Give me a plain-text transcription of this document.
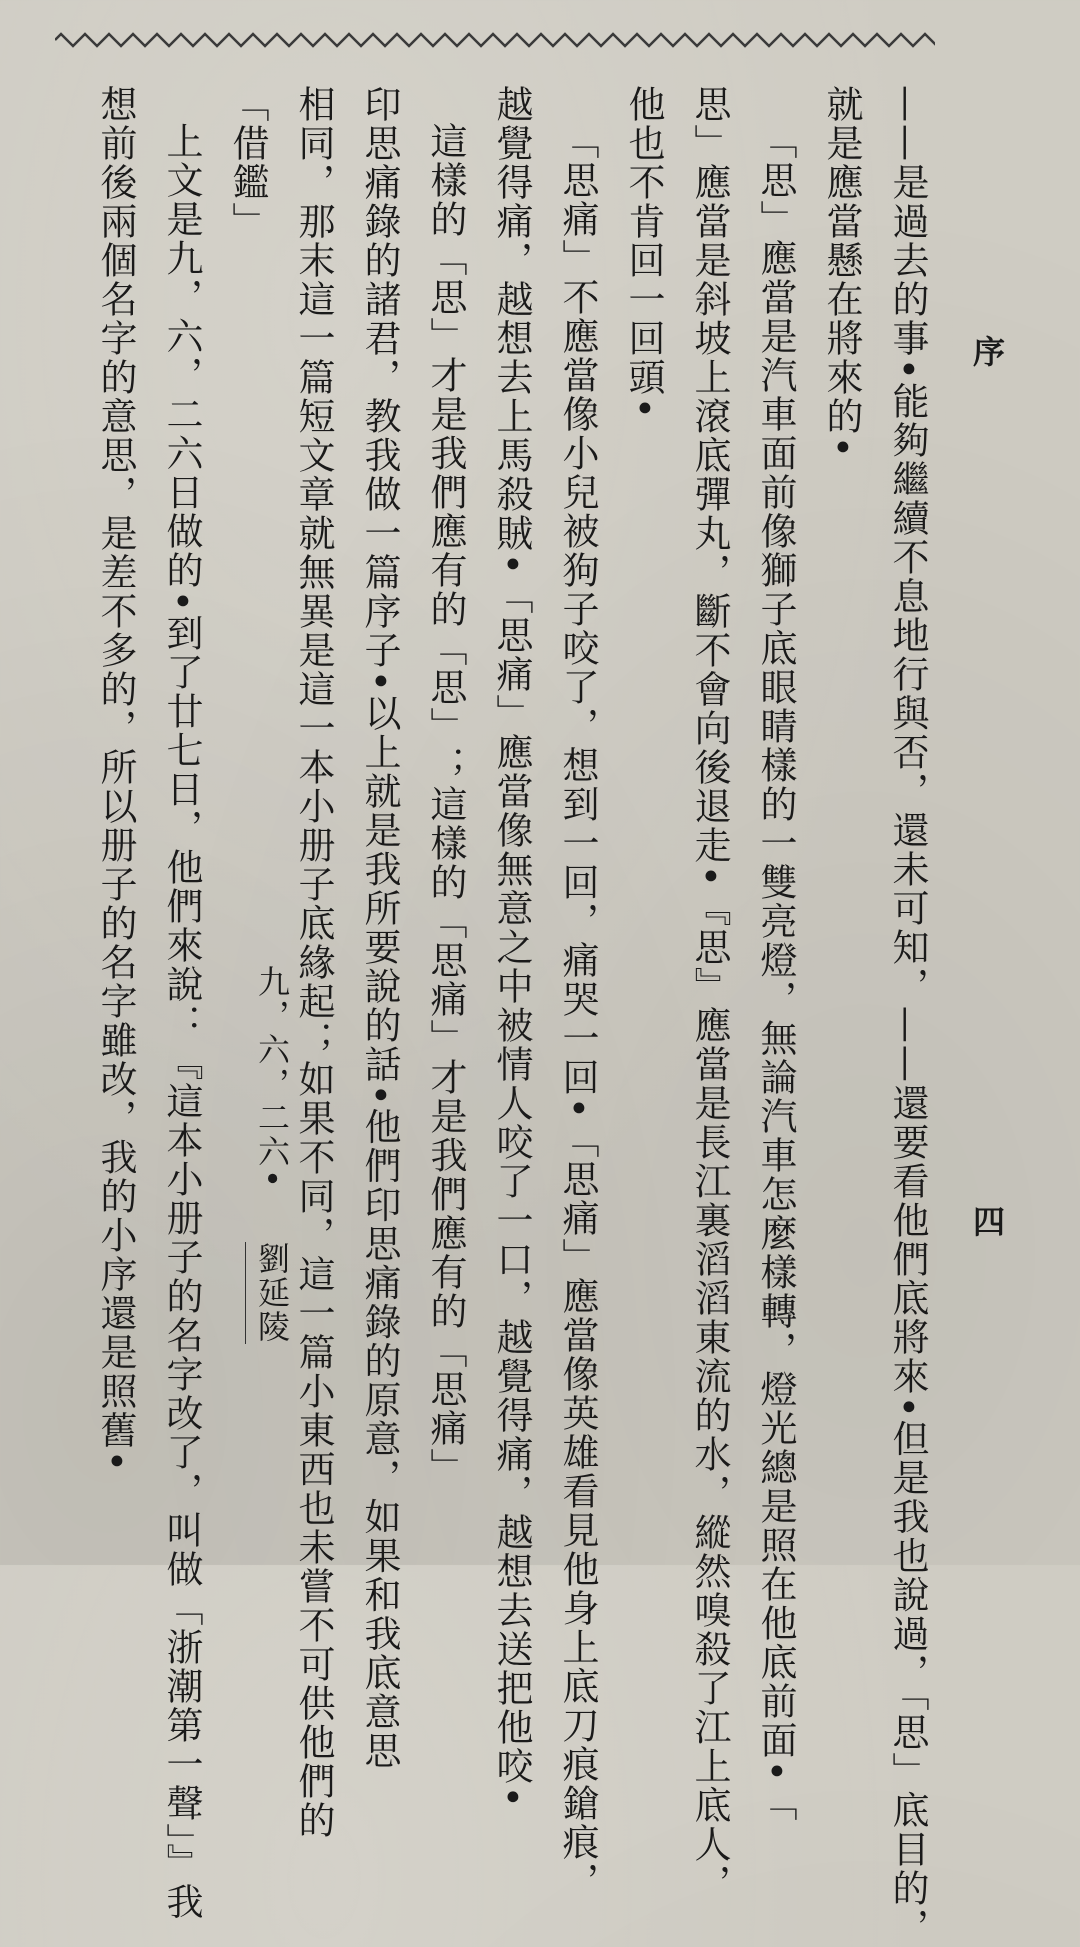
序
四
——是過去的事•能夠繼續不息地行與否，還未可知，——還要看他們底將來•但是我也說過，「思」底目的，
就是應當懸在將來的•
「思」應當是汽車面前像獅子底眼睛樣的一雙亮燈，無論汽車怎麼樣轉，燈光總是照在他底前面•「
思」應當是斜坡上滾底彈丸，斷不會向後退走•『思』應當是長江裏滔滔東流的水，縱然嗅殺了江上底人，
他也不肯回一回頭•
「思痛」不應當像小兒被狗子咬了，想到一回，痛哭一回•「思痛」應當像英雄看見他身上底刀痕鎗痕，
越覺得痛，越想去上馬殺賊•「思痛」應當像無意之中被情人咬了一口，越覺得痛，越想去送把他咬•
這樣的「思」才是我們應有的「思」；這樣的「思痛」才是我們應有的「思痛」
印思痛錄的諸君，教我做一篇序子•以上就是我所要說的話•他們印思痛錄的原意，如果和我底意思
相同，那末這一篇短文章就無異是這一本小册子底緣起；如果不同，這一篇小東西也未嘗不可供他們的
「借鑑」
上文是九，六，二六日做的•到了廿七日，他們來說：『這本小册子的名字改了，叫做「浙潮第一聲」』我
想前後兩個名字的意思，是差不多的，所以册子的名字雖改，我的小序還是照舊•	九，六，二六• 劉延陵
